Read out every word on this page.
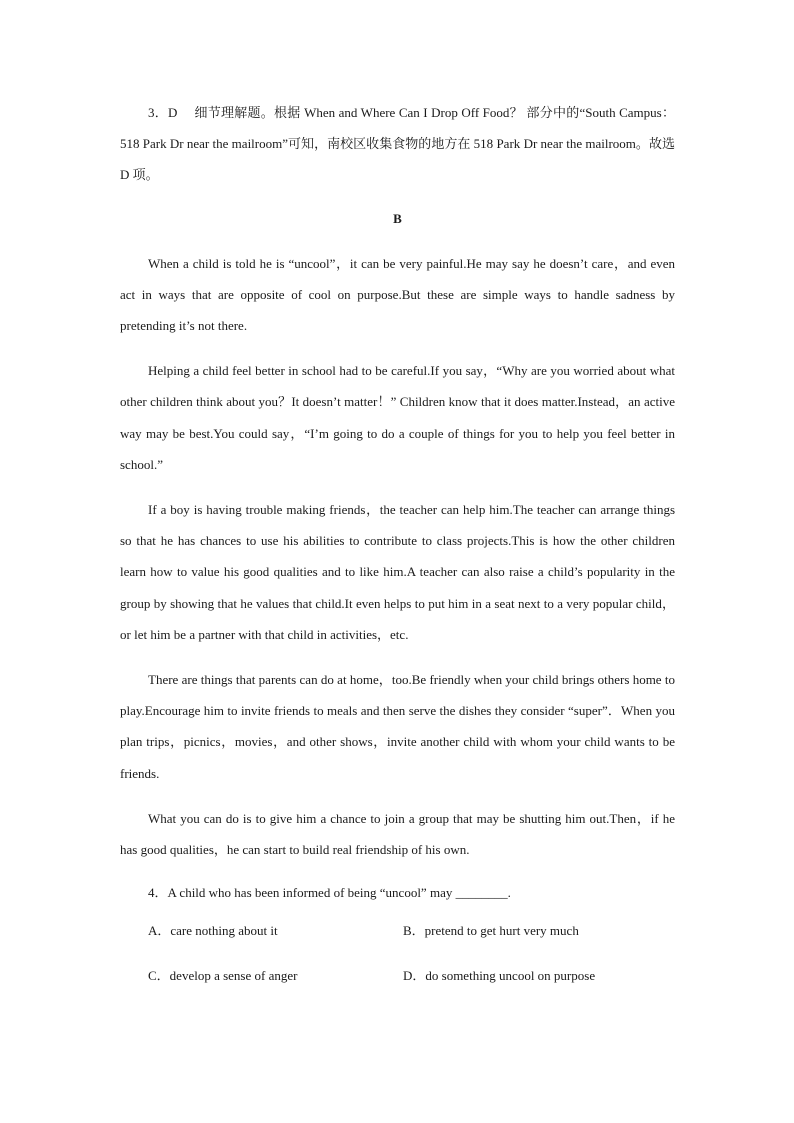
3．D　 细节理解题。根据 When and Where Can I Drop Off Food？ 部分中的“South Campus：518 Park Dr near the mailroom”可知，南校区收集食物的地方在 518 Park Dr near the mailroom。故选 D 项。

B

When a child is told he is “uncool”，it can be very painful.He may say he doesn’t care，and even act in ways that are opposite of cool on purpose.But these are simple ways to handle sadness by pretending it’s not there.

Helping a child feel better in school had to be careful.If you say，“Why are you worried about what other children think about you？It doesn’t matter！” Children know that it does matter.Instead，an active way may be best.You could say，“I’m going to do a couple of things for you to help you feel better in school.”

If a boy is having trouble making friends，the teacher can help him.The teacher can arrange things so that he has chances to use his abilities to contribute to class projects.This is how the other children learn how to value his good qualities and to like him.A teacher can also raise a child’s popularity in the group by showing that he values that child.It even helps to put him in a seat next to a very popular child，or let him be a partner with that child in activities，etc.

There are things that parents can do at home，too.Be friendly when your child brings others home to play.Encourage him to invite friends to meals and then serve the dishes they consider “super”．When you plan trips，picnics，movies，and other shows，invite another child with whom your child wants to be friends.

What you can do is to give him a chance to join a group that may be shutting him out.Then，if he has good qualities，he can start to build real friendship of his own.

4．A child who has been informed of being “uncool” may ________.

A．care nothing about it	B．pretend to get hurt very much
C．develop a sense of anger	D．do something uncool on purpose
